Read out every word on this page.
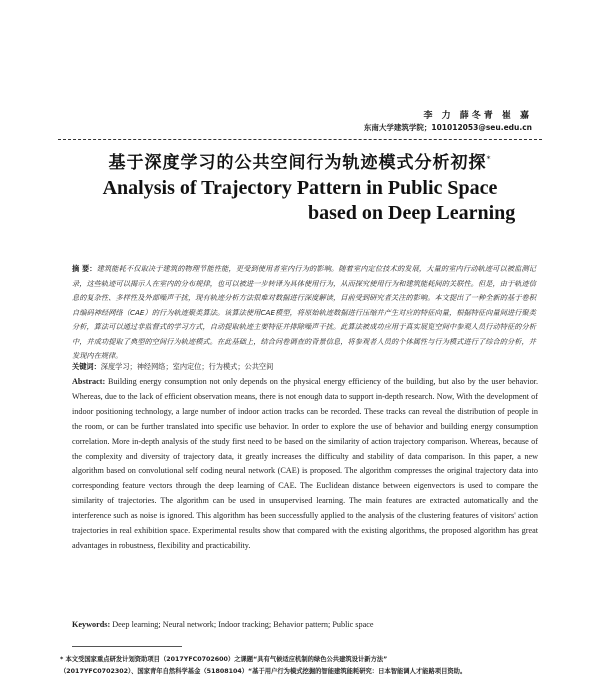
李 力 薛冬青 崔 嘉
东南大学建筑学院；101012053@seu.edu.cn
基于深度学习的公共空间行为轨迹模式分析初探*
Analysis of Trajectory Pattern in Public Space
based on Deep Learning
摘 要：建筑能耗不仅取决于建筑的物理节能性能，更受到使用者室内行为的影响。随着室内定位技术的发展，大量的室内行动轨迹可以被监测记录，这些轨迹可以揭示人在室内的分布规律，也可以被进一步转译为具体使用行为，从而探究使用行为和建筑能耗间的关联性。但是，由于轨迹信息的复杂性、多样性及外部噪声干扰，现有轨迹分析方法很难对数据进行深度解读，目前受到研究者关注的影响。本文提出了一种全新的基于卷积自编码神经网络（CAE）的行为轨迹聚类算法。该算法使用CAE模型，将原始轨迹数据进行压缩并产生对应的特征向量，根据特征向量间进行聚类分析，算法可以通过非监督式的学习方式，自动提取轨迹主要特征并排除噪声干扰。此算法被成功应用于真实展览空间中参观人员行动特征的分析中，并成功提取了典型的空间行为轨迹模式。在此基础上，结合问卷调查的背景信息，将参观者人员的个体属性与行为模式进行了综合的分析，并发现内在规律。
关键词：深度学习；神经网络；室内定位；行为模式；公共空间
Abstract: Building energy consumption not only depends on the physical energy efficiency of the building, but also by the user behavior. Whereas, due to the lack of efficient observation means, there is not enough data to support in-depth research. Now, With the development of indoor positioning technology, a large number of indoor action tracks can be recorded. These tracks can reveal the distribution of people in the room, or can be further translated into specific use behavior. In order to explore the use of behavior and building energy consumption correlation. More in-depth analysis of the study first need to be based on the similarity of action trajectory comparison. Whereas, because of the complexity and diversity of trajectory data, it greatly increases the difficulty and stability of data comparison. In this paper, a new algorithm based on convolutional self coding neural network (CAE) is proposed. The algorithm compresses the original trajectory data into corresponding feature vectors through the deep learning of CAE. The Euclidean distance between eigenvectors is used to compare the similarity of trajectories. The algorithm can be used in unsupervised learning. The main features are extracted automatically and the interference such as noise is ignored. This algorithm has been successfully applied to the analysis of the clustering features of visitors' action trajectories in real exhibition space. Experimental results show that compared with the existing algorithms, the proposed algorithm has great advantages in robustness, flexibility and practicability.
Keywords: Deep learning; Neural network; Indoor tracking; Behavior pattern; Public space
* 本文受国家重点研发计划资助项目（2017YFC0702600）之课题“具有气候适应机制的绿色公共建筑设计新方法”
（2017YFC0702302）、国家青年自然科学基金（51808104）“基于用户行为模式挖掘的智能建筑能耗研究：日本智能调人才能路项目资助。
